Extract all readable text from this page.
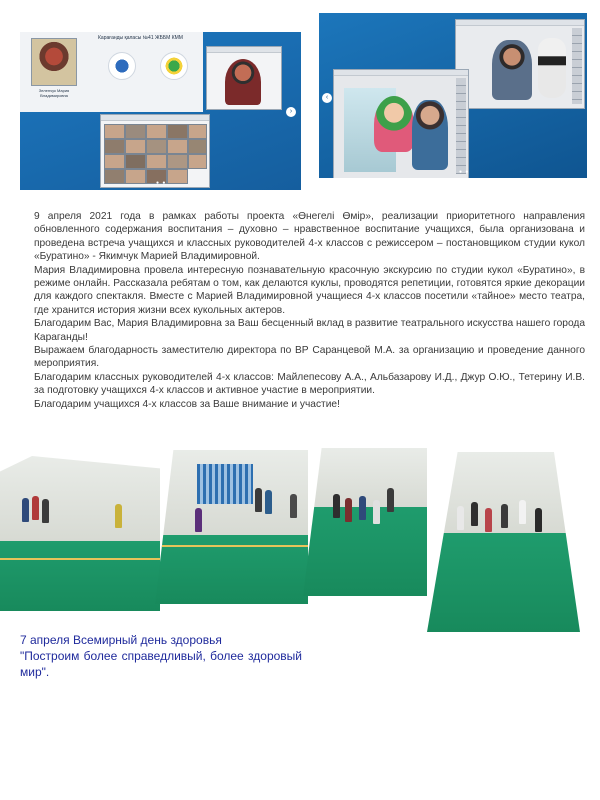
Карағанды қаласы №41 ЖББМ КММ
Зеленчук Мария Владимировна
›
● ●
‹
● ●

9 апреля 2021 года в рамках работы проекта «Өнегелі Өмір», реализации приоритетного направления обновленного содержания воспитания – духовно – нравственное воспитание учащихся, была организована и проведена встреча учащихся и классных руководителей 4-х классов с режиссером – постановщиком студии кукол «Буратино» - Якимчук Марией Владимировной.

Мария Владимировна провела интересную познавательную красочную экскурсию по студии кукол «Буратино», в режиме онлайн. Рассказала ребятам о том, как делаются куклы, проводятся репетиции, готовятся яркие декорации для каждого спектакля. Вместе с Марией Владимировной учащиеся 4-х классов посетили «тайное» место театра, где хранится история жизни всех кукольных актеров.

Благодарим Вас, Мария Владимировна за Ваш бесценный вклад в развитие театрального искусства нашего города Караганды!

Выражаем благодарность заместителю директора по ВР Саранцевой М.А. за организацию и проведение данного мероприятия.

Благодарим классных руководителей 4-х классов: Майлепесову А.А., Альбазарову И.Д., Джур О.Ю., Тетерину И.В. за подготовку учащихся 4-х классов и активное участие в мероприятии.

Благодарим учащихся 4-х классов за Ваше внимание и участие!

7 апреля Всемирный день здоровья

"Построим более справедливый, более здоровый мир".
